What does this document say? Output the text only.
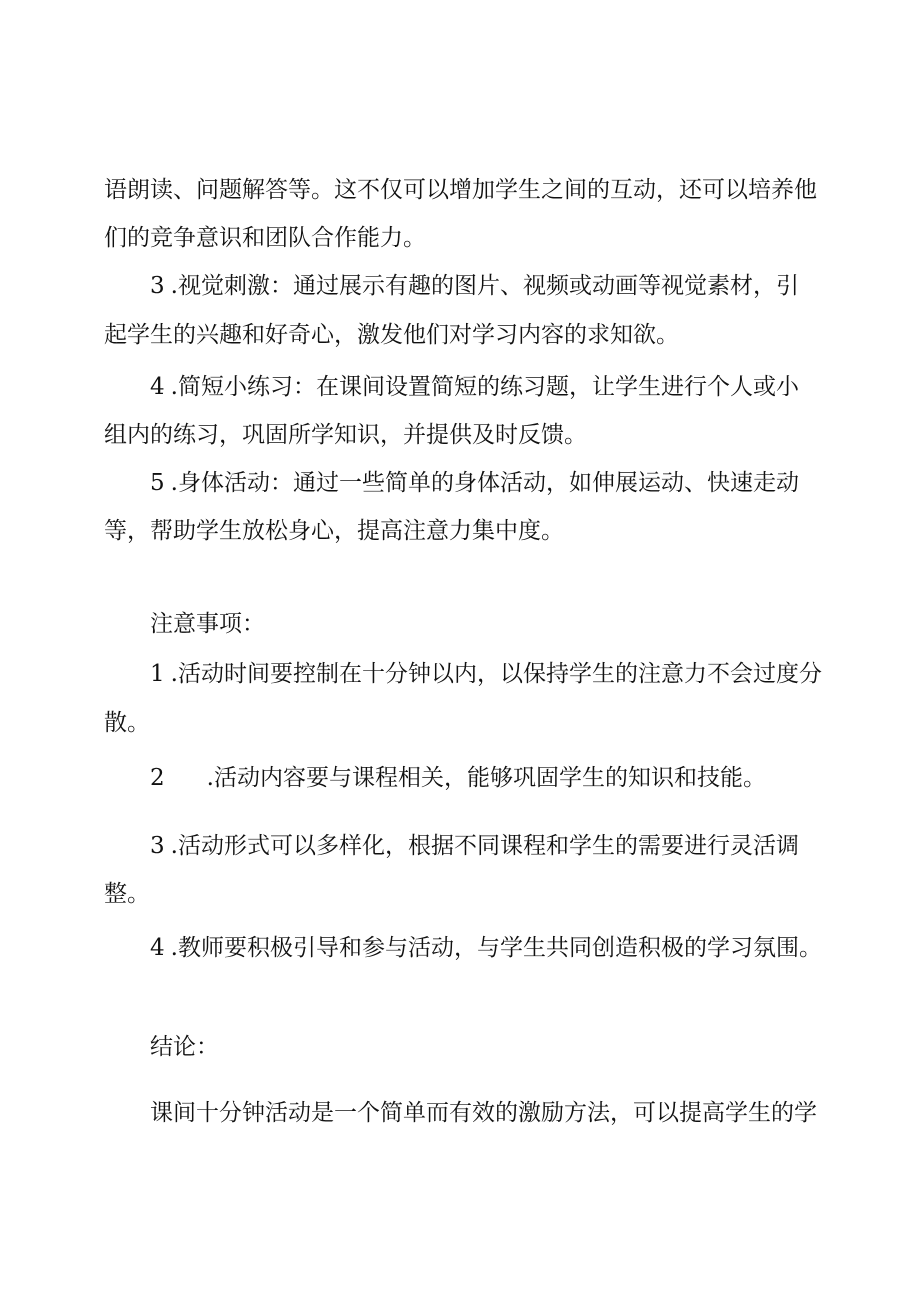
语朗读、问题解答等。这不仅可以增加学生之间的互动，还可以培养他
们的竞争意识和团队合作能力。
3 .视觉刺激：通过展示有趣的图片、视频或动画等视觉素材，引
起学生的兴趣和好奇心，激发他们对学习内容的求知欲。
4 .简短小练习：在课间设置简短的练习题，让学生进行个人或小
组内的练习，巩固所学知识，并提供及时反馈。
5 .身体活动：通过一些简单的身体活动，如伸展运动、快速走动
等，帮助学生放松身心，提高注意力集中度。
注意事项：
1 .活动时间要控制在十分钟以内，以保持学生的注意力不会过度分
散。
2 .活动内容要与课程相关，能够巩固学生的知识和技能。
3 .活动形式可以多样化，根据不同课程和学生的需要进行灵活调
整。
4 .教师要积极引导和参与活动，与学生共同创造积极的学习氛围。
结论：
课间十分钟活动是一个简单而有效的激励方法，可以提高学生的学
